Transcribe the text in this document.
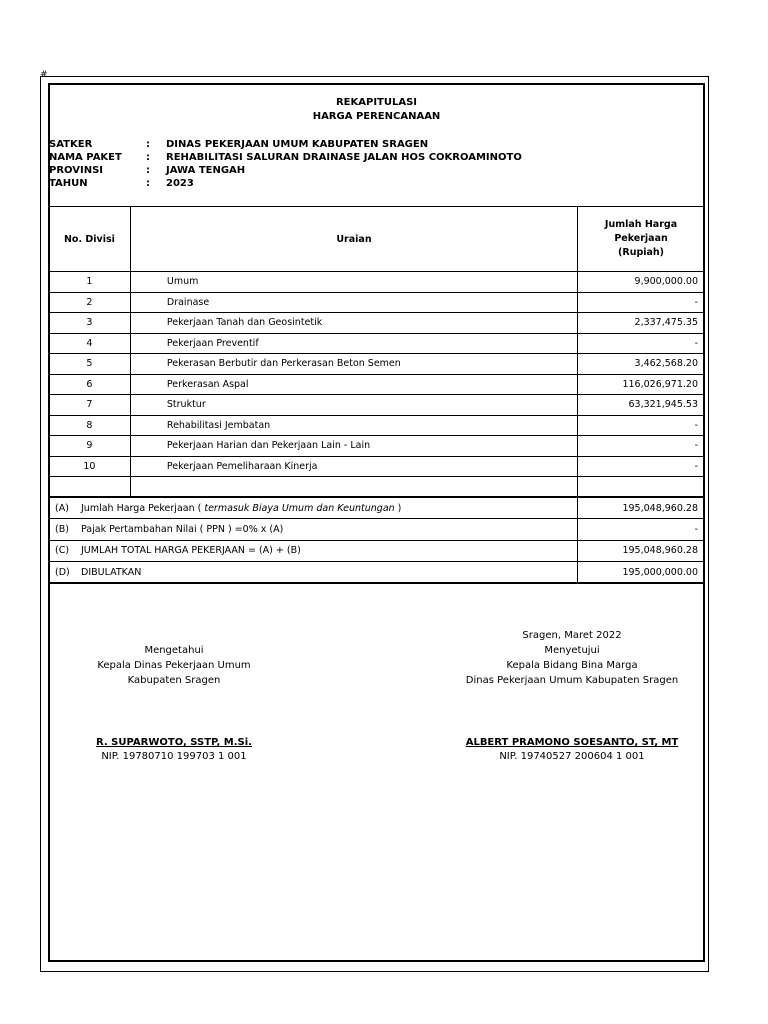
#
REKAPITULASI
HARGA PERENCANAAN
SATKER	: DINAS PEKERJAAN UMUM KABUPATEN SRAGEN
NAMA PAKET : REHABILITASI SALURAN DRAINASE JALAN HOS COKROAMINOTO
PROVINSI	: JAWA TENGAH
TAHUN	: 2023
No. Divisi	Uraian	Jumlah Harga
Pekerjaan
(Rupiah)

1	Umum	9,900,000.00
2	Drainase	-
3	Pekerjaan Tanah dan Geosintetik	2,337,475.35
4	Pekerjaan Preventif	-
5	Pekerasan Berbutir dan Perkerasan Beton Semen	3,462,568.20
6	Perkerasan Aspal	116,026,971.20
7	Struktur	63,321,945.53
8	Rehabilitasi Jembatan	-
9	Pekerjaan Harian dan Pekerjaan Lain - Lain	-
10	Pekerjaan Pemeliharaan Kinerja	-

(A) Jumlah Harga Pekerjaan ( termasuk Biaya Umum dan Keuntungan )		195,048,960.28
(B) Pajak Pertambahan Nilai ( PPN ) =0% x (A)		-
(C) JUMLAH TOTAL HARGA PEKERJAAN = (A) + (B)		195,048,960.28
(D) DIBULATKAN		195,000,000.00
Mengetahui
Kepala Dinas Pekerjaan Umum
Kabupaten Sragen
R. SUPARWOTO, SSTP, M.Si.
NIP. 19780710 199703 1 001
Sragen, Maret 2022
Menyetujui
Kepala Bidang Bina Marga
Dinas Pekerjaan Umum Kabupaten Sragen
ALBERT PRAMONO SOESANTO, ST, MT
NIP. 19740527 200604 1 001
